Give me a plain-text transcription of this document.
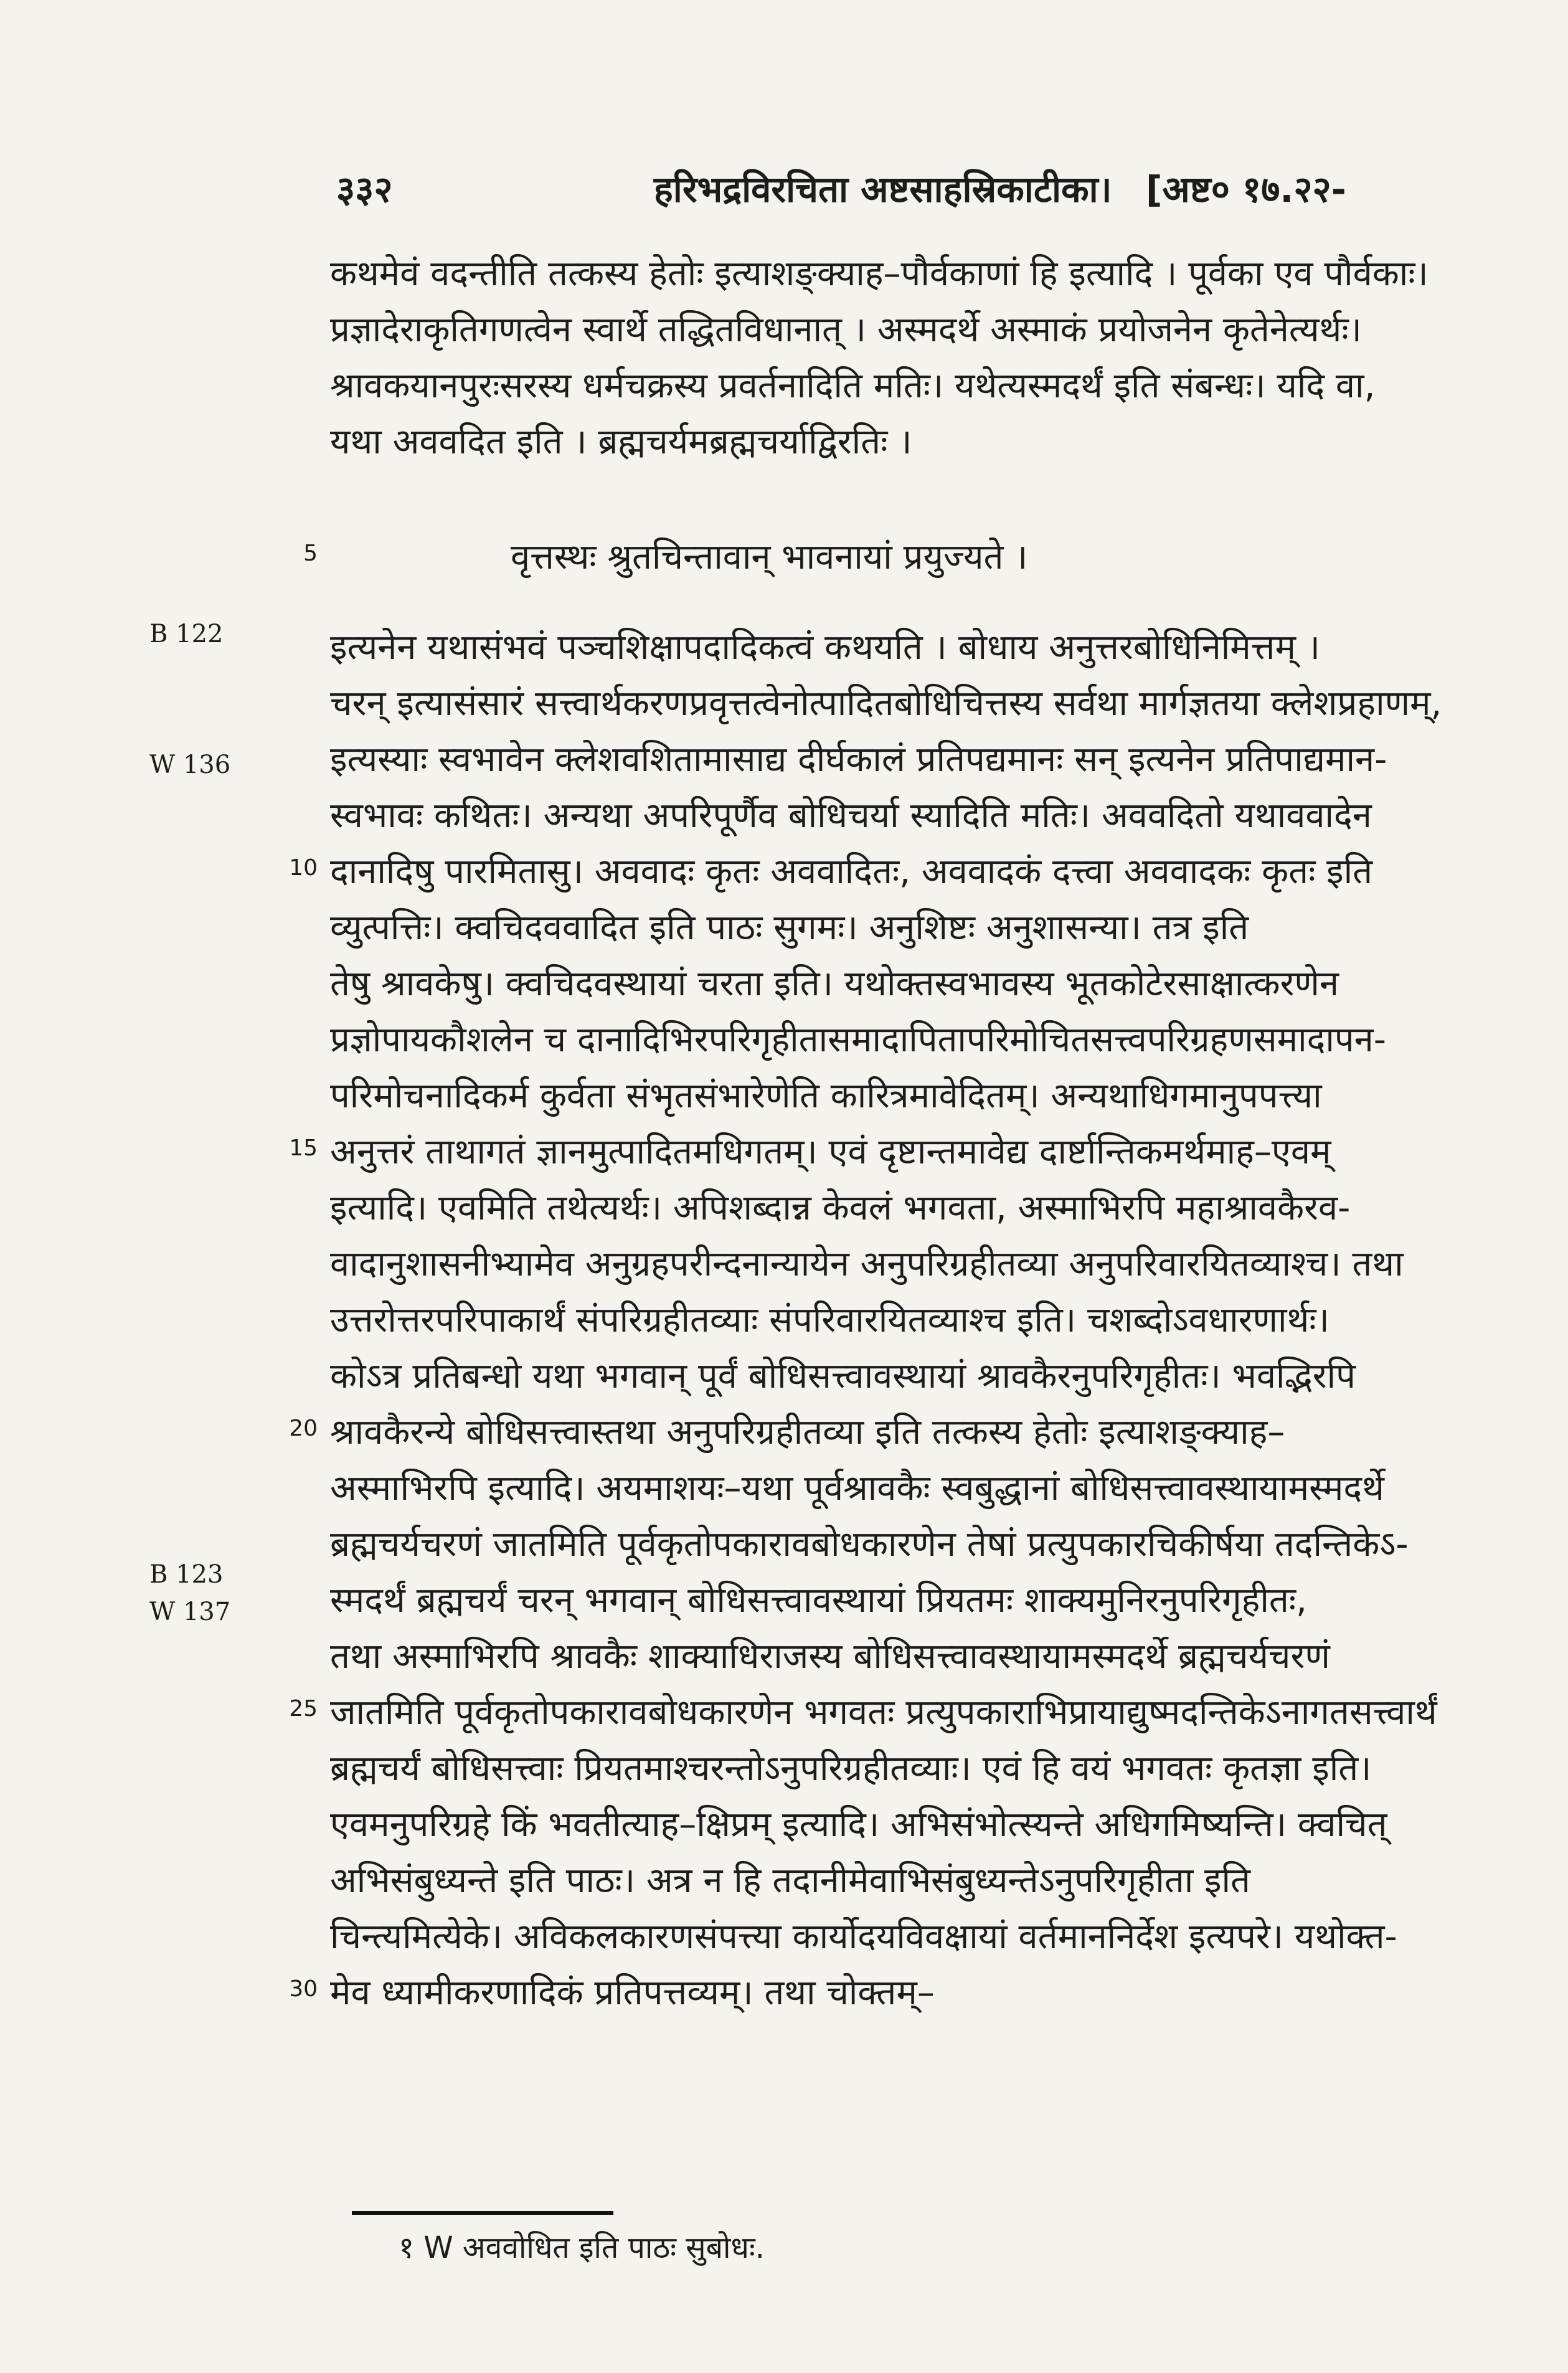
३३२	हरिभद्रविरचिता अष्टसाहस्रिकाटीका। [अष्ट० १७.२२-
कथमेवं वदन्तीति तत्कस्य हेतोः इत्याशङ्क्याह–पौर्वकाणां हि इत्यादि । पूर्वका एव पौर्वकाः।
प्रज्ञादेराकृतिगणत्वेन स्वार्थे तद्धितविधानात् । अस्मदर्थे अस्माकं प्रयोजनेन कृतेनेत्यर्थः।
श्रावकयानपुरःसरस्य धर्मचक्रस्य प्रवर्तनादिति मतिः। यथेत्यस्मदर्थं इति संबन्धः। यदि वा,
यथा अववदित इति । ब्रह्मचर्यमब्रह्मचर्याद्विरतिः ।
5	वृत्तस्थः श्रुतचिन्तावान् भावनायां प्रयुज्यते ।
B 122
W 136
B 123
W 137
इत्यनेन यथासंभवं पञ्चशिक्षापदादिकत्वं कथयति । बोधाय अनुत्तरबोधिनिमित्तम् ।
चरन् इत्यासंसारं सत्त्वार्थकरणप्रवृत्तत्वेनोत्पादितबोधिचित्तस्य सर्वथा मार्गज्ञतया क्लेशप्रहाणम्,
इत्यस्याः स्वभावेन क्लेशवशितामासाद्य दीर्घकालं प्रतिपद्यमानः सन् इत्यनेन प्रतिपाद्यमान-
स्वभावः कथितः। अन्यथा अपरिपूर्णैव बोधिचर्या स्यादिति मतिः। अववदितो यथाववादेन
10 दानादिषु पारमितासु। अववादः कृतः अववादितः, अववादकं दत्त्वा अववादकः कृतः इति
व्युत्पत्तिः। क्वचिदववादित इति पाठः सुगमः। अनुशिष्टः अनुशासन्या। तत्र इति
तेषु श्रावकेषु। क्वचिदवस्थायां चरता इति। यथोक्तस्वभावस्य भूतकोटेरसाक्षात्करणेन
प्रज्ञोपायकौशलेन च दानादिभिरपरिगृहीतासमादापितापरिमोचितसत्त्वपरिग्रहणसमादापन-
परिमोचनादिकर्म कुर्वता संभृतसंभारेणेति कारित्रमावेदितम्। अन्यथाधिगमानुपपत्त्या
15 अनुत्तरं ताथागतं ज्ञानमुत्पादितमधिगतम्। एवं दृष्टान्तमावेद्य दार्ष्टान्तिकमर्थमाह–एवम्
इत्यादि। एवमिति तथेत्यर्थः। अपिशब्दान्न केवलं भगवता, अस्माभिरपि महाश्रावकैरव-
वादानुशासनीभ्यामेव अनुग्रहपरीन्दनान्यायेन अनुपरिग्रहीतव्या अनुपरिवारयितव्याश्च। तथा
उत्तरोत्तरपरिपाकार्थं संपरिग्रहीतव्याः संपरिवारयितव्याश्च इति। चशब्दोऽवधारणार्थः।
कोऽत्र प्रतिबन्धो यथा भगवान् पूर्वं बोधिसत्त्वावस्थायां श्रावकैरनुपरिगृहीतः। भवद्भिरपि
20 श्रावकैरन्ये बोधिसत्त्वास्तथा अनुपरिग्रहीतव्या इति तत्कस्य हेतोः इत्याशङ्क्याह–
अस्माभिरपि इत्यादि। अयमाशयः–यथा पूर्वश्रावकैः स्वबुद्धानां बोधिसत्त्वावस्थायामस्मदर्थे
ब्रह्मचर्यचरणं जातमिति पूर्वकृतोपकारावबोधकारणेन तेषां प्रत्युपकारचिकीर्षया तदन्तिकेऽ-
स्मदर्थं ब्रह्मचर्यं चरन् भगवान् बोधिसत्त्वावस्थायां प्रियतमः शाक्यमुनिरनुपरिगृहीतः,
तथा अस्माभिरपि श्रावकैः शाक्याधिराजस्य बोधिसत्त्वावस्थायामस्मदर्थे ब्रह्मचर्यचरणं
25 जातमिति पूर्वकृतोपकारावबोधकारणेन भगवतः प्रत्युपकाराभिप्रायाद्युष्मदन्तिकेऽनागतसत्त्वार्थं
ब्रह्मचर्यं बोधिसत्त्वाः प्रियतमाश्चरन्तोऽनुपरिग्रहीतव्याः। एवं हि वयं भगवतः कृतज्ञा इति।
एवमनुपरिग्रहे किं भवतीत्याह–क्षिप्रम् इत्यादि। अभिसंभोत्स्यन्ते अधिगमिष्यन्ति। क्वचित्
अभिसंबुध्यन्ते इति पाठः। अत्र न हि तदानीमेवाभिसंबुध्यन्तेऽनुपरिगृहीता इति
चिन्त्यमित्येके। अविकलकारणसंपत्त्या कार्योदयविवक्षायां वर्तमाननिर्देश इत्यपरे। यथोक्त-
30 मेव ध्यामीकरणादिकं प्रतिपत्तव्यम्। तथा चोक्तम्–
१ W अववोधित इति पाठः सुबोधः.
